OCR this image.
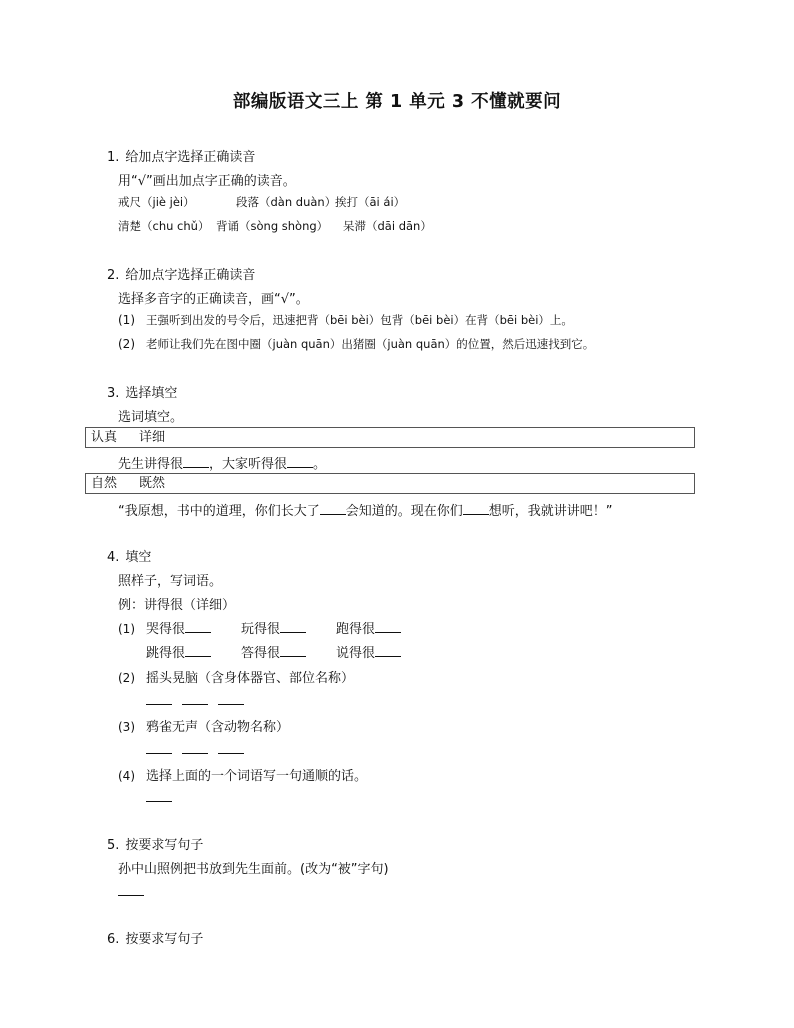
部编版语文三上 第 1 单元 3 不懂就要问
1. 给加点字选择正确读音
用“√”画出加点字正确的读音。
戒尺（jiè jèi）	段落（dàn duàn）挨打（āi ái）
清楚（chu chǔ） 背诵（sòng shòng） 呆滞（dāi dān）
2. 给加点字选择正确读音
选择多音字的正确读音，画“√”。
(1) 王强听到出发的号令后，迅速把背（bēi bèi）包背（bēi bèi）在背（bēi bèi）上。
(2) 老师让我们先在图中圈（juàn quān）出猪圈（juàn quān）的位置，然后迅速找到它。
3. 选择填空
选词填空。
认真 详细
先生讲得很 ，大家听得很 。
自然 既然
“我原想，书中的道理，你们长大了 会知道的。现在你们 想听，我就讲讲吧！”
4. 填空
照样子，写词语。
例：讲得很（详细）
(1) 哭得很	玩得很	跑得很
跳得很	答得很	说得很
(2) 摇头晃脑（含身体器官、部位名称）
(3) 鸦雀无声（含动物名称）
(4) 选择上面的一个词语写一句通顺的话。
5. 按要求写句子
孙中山照例把书放到先生面前。(改为“被”字句)
6. 按要求写句子
